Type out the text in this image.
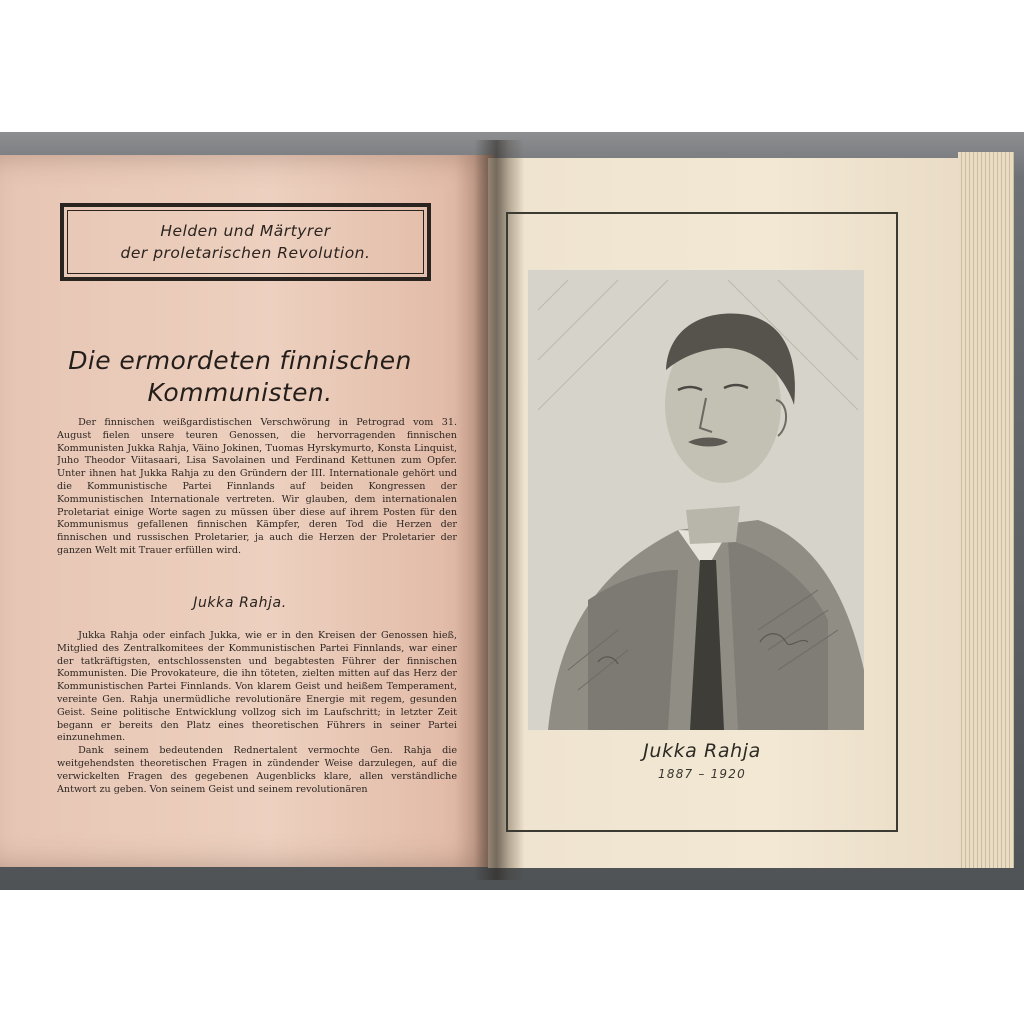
Helden und Märtyrer
der proletarischen Revolution.
Die ermordeten finnischen
Kommunisten.

Der finnischen weißgardistischen Verschwörung in Petrograd vom 31. August fielen unsere teuren Genossen, die hervorragenden finnischen Kommunisten Jukka Rahja, Väino Jokinen, Tuomas Hyrskymurto, Konsta Linquist, Juho Theodor Viitasaari, Lisa Savolainen und Ferdinand Kettunen zum Opfer. Unter ihnen hat Jukka Rahja zu den Gründern der III. Internationale gehört und die Kommunistische Partei Finnlands auf beiden Kongressen der Kommunistischen Internationale vertreten. Wir glauben, dem internationalen Proletariat einige Worte sagen zu müssen über diese auf ihrem Posten für den Kommunismus gefallenen finnischen Kämpfer, deren Tod die Herzen der finnischen und russischen Proletarier, ja auch die Herzen der Proletarier der ganzen Welt mit Trauer erfüllen wird.

Jukka Rahja.

Jukka Rahja oder einfach Jukka, wie er in den Kreisen der Genossen hieß, Mitglied des Zentralkomitees der Kommunistischen Partei Finnlands, war einer der tatkräftigsten, entschlossensten und begabtesten Führer der finnischen Kommunisten. Die Provokateure, die ihn töteten, zielten mitten auf das Herz der Kommunistischen Partei Finnlands. Von klarem Geist und heißem Temperament, vereinte Gen. Rahja unermüdliche revolutionäre Energie mit regem, gesunden Geist. Seine politische Entwicklung vollzog sich im Laufschritt; in letzter Zeit begann er bereits den Platz eines theoretischen Führers in seiner Partei einzunehmen.

Dank seinem bedeutenden Rednertalent vermochte Gen. Rahja die weitgehendsten theoretischen Fragen in zündender Weise darzulegen, auf die verwickelten Fragen des gegebenen Augenblicks klare, allen verständliche Antwort zu geben. Von seinem Geist und seinem revolutionären

Jukka Rahja
1887 – 1920
